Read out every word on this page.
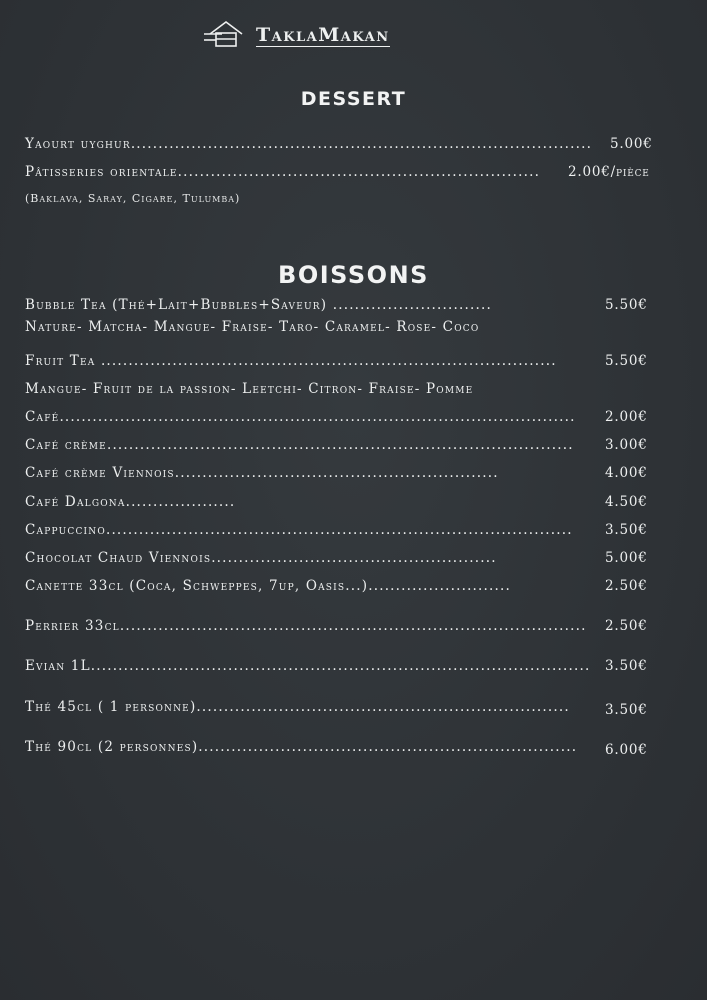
TaklaMakan
DESSERT
Yaourt uyghur.................................................................................... 5.00€
Pâtisseries orientale.................................................................. 2.00€/pièce
(Baklava, Saray, Cigare, Tulumba)
BOISSONS
Bubble Tea (Thé+Lait+Bubbles+Saveur) .............................	5.50€
Nature- Matcha- Mangue- Fraise- Taro- Caramel- Rose- Coco
Fruit Tea ...................................................................................	5.50€
Mangue- Fruit de la passion- Leetchi- Citron- Fraise- Pomme
Café.............................................................................................. 2.00€
Café crème..................................................................................... 3.00€
Café crème Viennois...........................................................	4.00€
Café Dalgona....................	4.50€
Cappuccino..................................................................................... 3.50€
Chocolat Chaud Viennois....................................................	5.00€
Canette 33cl (Coca, Schweppes, 7up, Oasis...)..........................	2.50€
Perrier 33cl..................................................................................... 2.50€
Evian 1L........................................................................................... 3.50€
Thé 45cl ( 1 personne)....................................................................	3.50€
Thé 90cl (2 personnes)..................................................................... 6.00€
